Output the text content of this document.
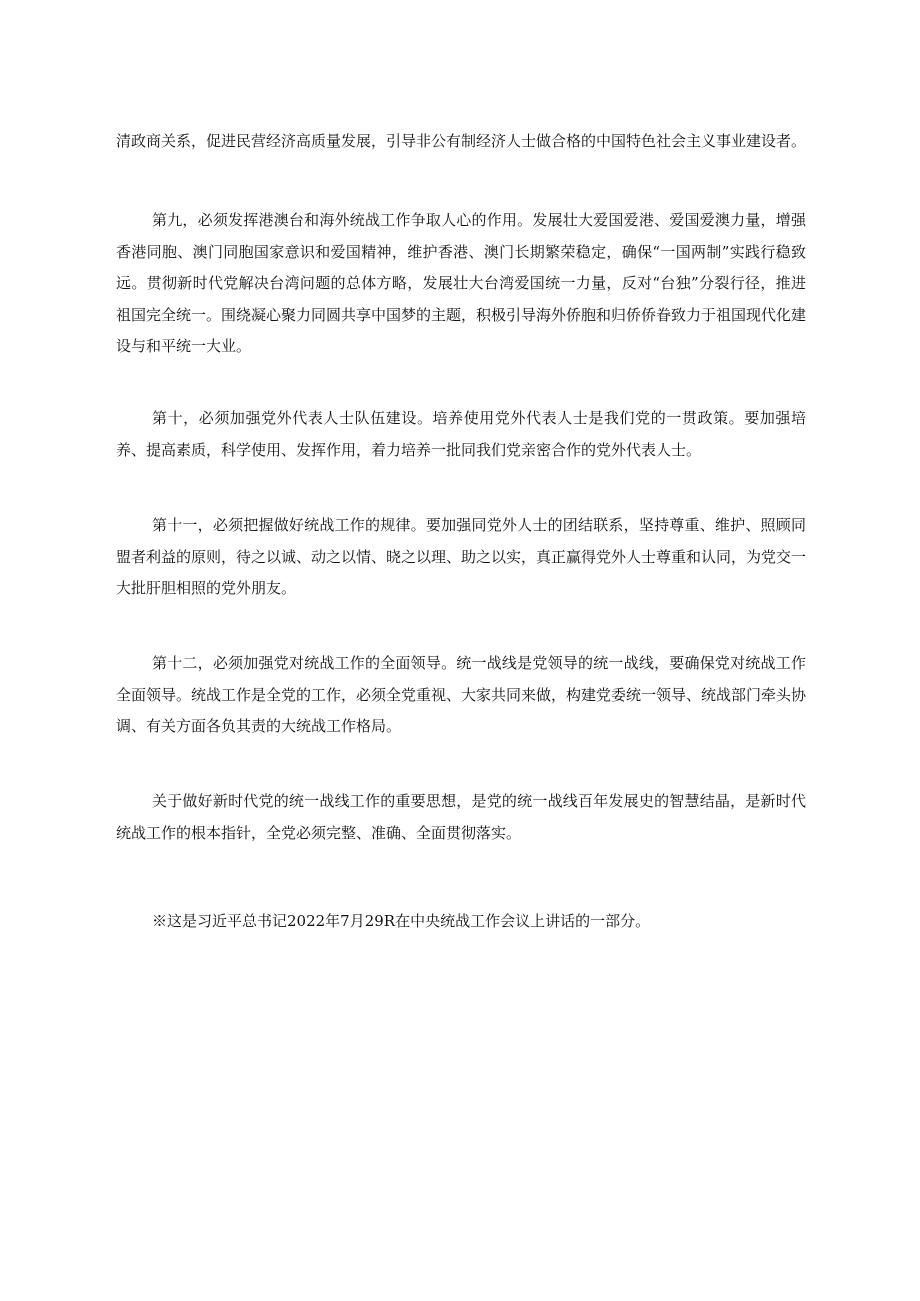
清政商关系，促进民营经济高质量发展，引导非公有制经济人士做合格的中国特色社会主义事业建设者。

第九，必须发挥港澳台和海外统战工作争取人心的作用。发展壮大爱国爱港、爱国爱澳力量，增强香港同胞、澳门同胞国家意识和爱国精神，维护香港、澳门长期繁荣稳定，确保“一国两制”实践行稳致远。贯彻新时代党解决台湾问题的总体方略，发展壮大台湾爱国统一力量，反对“台独”分裂行径，推进祖国完全统一。围绕凝心聚力同圆共享中国梦的主题，积极引导海外侨胞和归侨侨眷致力于祖国现代化建设与和平统一大业。

第十，必须加强党外代表人士队伍建设。培养使用党外代表人士是我们党的一贯政策。要加强培养、提高素质，科学使用、发挥作用，着力培养一批同我们党亲密合作的党外代表人士。

第十一，必须把握做好统战工作的规律。要加强同党外人士的团结联系，坚持尊重、维护、照顾同盟者利益的原则，待之以诚、动之以情、晓之以理、助之以实，真正赢得党外人士尊重和认同，为党交一大批肝胆相照的党外朋友。

第十二，必须加强党对统战工作的全面领导。统一战线是党领导的统一战线，要确保党对统战工作全面领导。统战工作是全党的工作，必须全党重视、大家共同来做，构建党委统一领导、统战部门牵头协调、有关方面各负其责的大统战工作格局。

关于做好新时代党的统一战线工作的重要思想，是党的统一战线百年发展史的智慧结晶，是新时代统战工作的根本指针，全党必须完整、准确、全面贯彻落实。

※这是习近平总书记2022年7月29R在中央统战工作会议上讲话的一部分。
